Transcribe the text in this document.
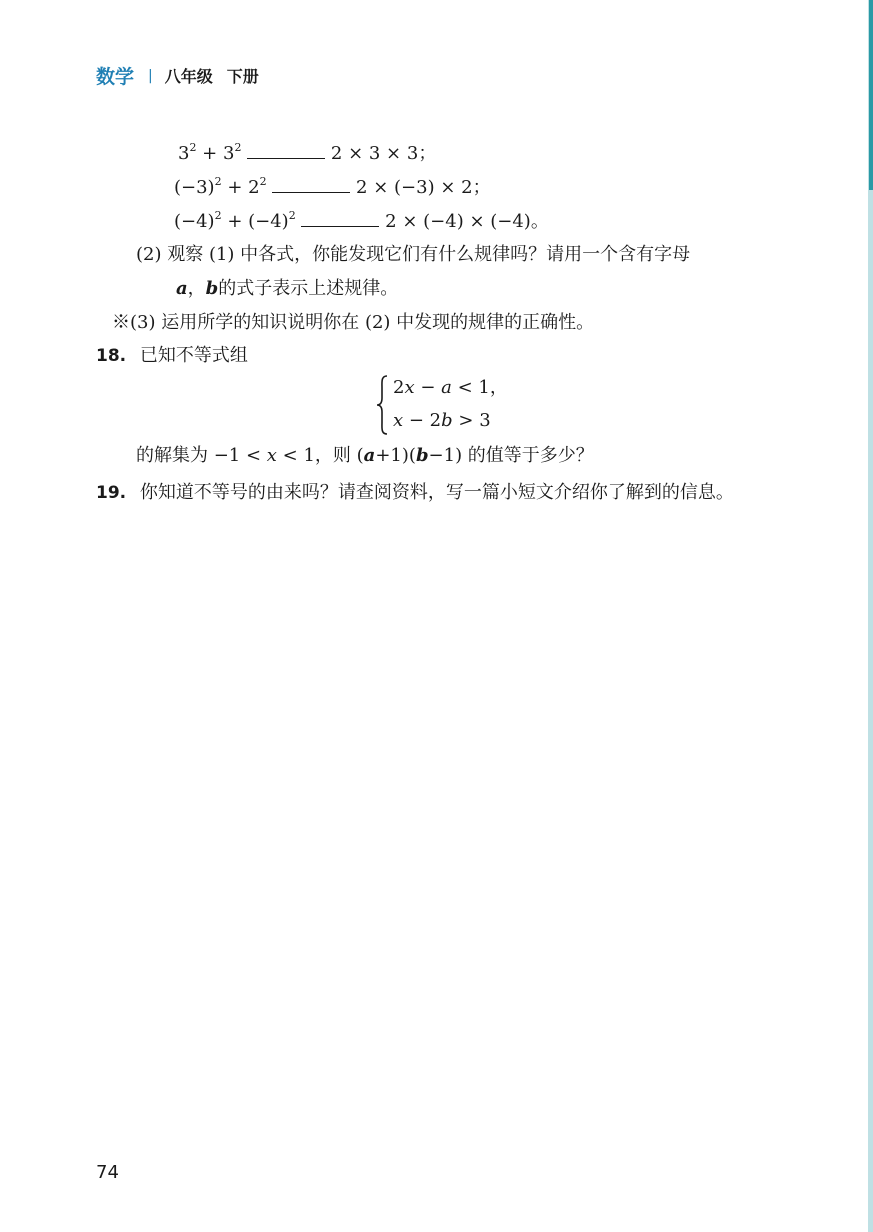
数学 | 八年级 下册
$3^2 + 3^2$	2 × 3 × 3；
$(-3)^2 + 2^2$	2 × (−3) × 2；
$(-4)^2 + (-4)^2$	2 × (−4) × (−4)。
(2) 观察 (1) 中各式，你能发现它们有什么规律吗？请用一个含有字母
a，b的式子表示上述规律。
※(3) 运用所学的知识说明你在 (2) 中发现的规律的正确性。
18. 已知不等式组
2x − a < 1，
x − 2b > 3
的解集为 −1 < x < 1，则 (a+1)(b−1) 的值等于多少？
19. 你知道不等号的由来吗？请查阅资料，写一篇小短文介绍你了解到的信息。
74
